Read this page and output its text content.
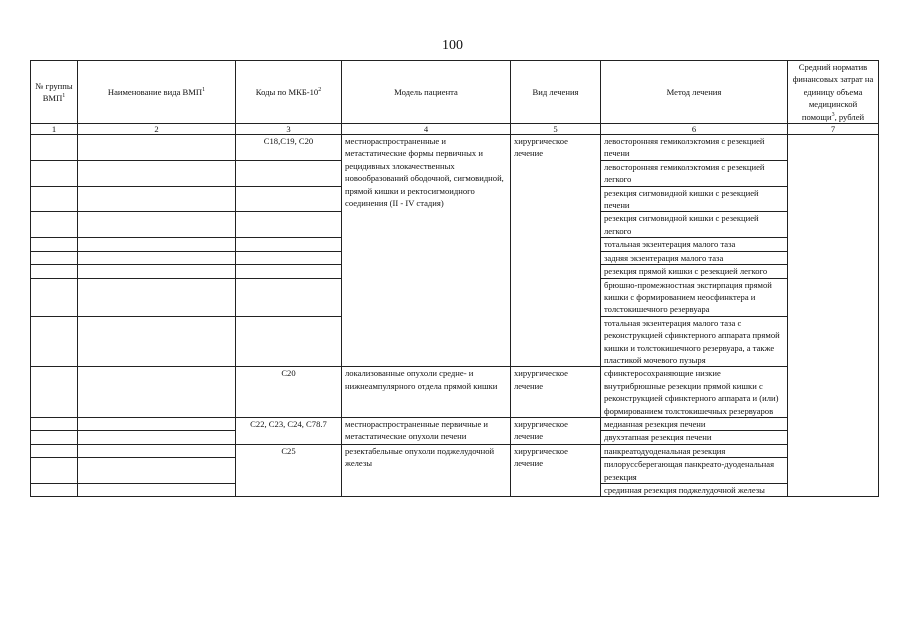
100
№ группы ВМП$^1$	Наименование вида ВМП$^1$	Коды по МКБ-$10^2$	Модель пациента	Вид лечения	Метод лечения	Средний норматив финансовых затрат на единицу объема медицинской помощи$^3$, рублей
1	2	3	4	5	6	7
		C18,C19, C20	местнораспространенные и метастатические формы первичных и рецидивных злокачественных новообразований ободочной, сигмовидной, прямой кишки и ректосигмоидного соединения (II - IV стадия)	хирургическое лечение	левосторонняя гемиколэктомия с резекцией печени	
					левосторонняя гемиколэктомия с резекцией легкого	
					резекция сигмовидной кишки с резекцией печени	
					резекция сигмовидной кишки с резекцией легкого	
					тотальная экзентерация малого таза	
					задняя экзентерация малого таза	
					резекция прямой кишки с резекцией легкого	
					брюшно-промежностная экстирпация прямой кишки с формированием неосфинктера и толстокишечного резервуара	
					тотальная экзентерация малого таза с реконструкцией сфинктерного аппарата прямой кишки и толстокишечного резервуара, а также пластикой мочевого пузыря	
		C20	локализованные опухоли средне- и нижнеампулярного отдела прямой кишки	хирургическое лечение	сфинктеросохраняющие низкие внутрибрюшные резекции прямой кишки с реконструкцией сфинктерного аппарата и (или) формированием толстокишечных резервуаров	
		C22, C23, C24, C78.7	местнораспространенные первичные и метастатические опухоли печени	хирургическое лечение	медианная резекция печени	
					двухэтапная резекция печени	
		C25	резектабельные опухоли поджелудочной железы	хирургическое лечение	панкреатодуоденальная резекция	
					пилоруссберегающая панкреато-дуоденальная резекция	
					срединная резекция поджелудочной железы	
